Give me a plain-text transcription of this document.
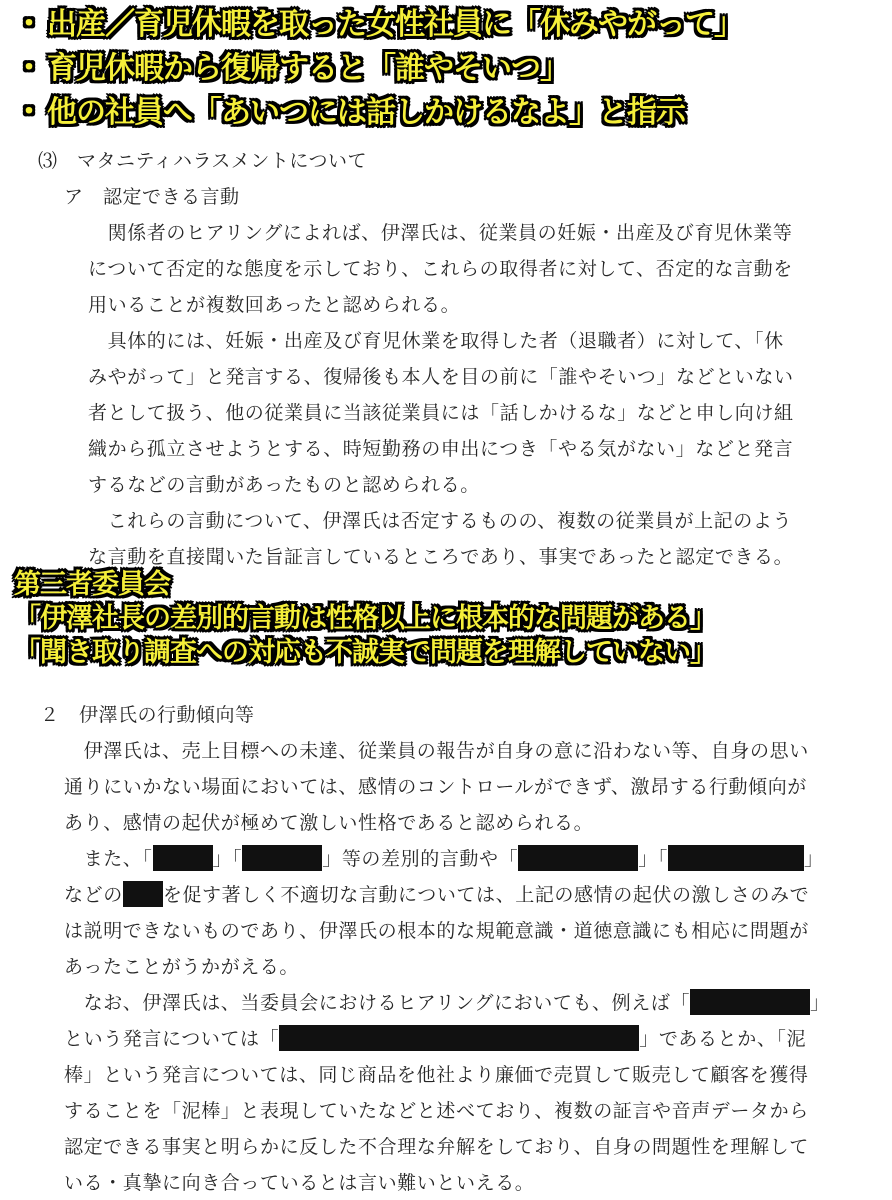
・ 出産／育児休暇を取った女性社員に「休みやがって」
・ 育児休暇から復帰すると「誰やそいつ」
・ 他の社員へ「あいつには話しかけるなよ」と指示
⑶　マタニティハラスメントについて
ア　認定できる言動
　関係者のヒアリングによれば、伊澤氏は、従業員の妊娠・出産及び育児休業等
について否定的な態度を示しており、これらの取得者に対して、否定的な言動を
用いることが複数回あったと認められる。
　具体的には、妊娠・出産及び育児休業を取得した者（退職者）に対して、「休
みやがって」と発言する、復帰後も本人を目の前に「誰やそいつ」などといない
者として扱う、他の従業員に当該従業員には「話しかけるな」などと申し向け組
織から孤立させようとする、時短勤務の申出につき「やる気がない」などと発言
するなどの言動があったものと認められる。
　これらの言動について、伊澤氏は否定するものの、複数の従業員が上記のよう
な言動を直接聞いた旨証言しているところであり、事実であったと認定できる。
第三者委員会
「伊澤社長の差別的言動は性格以上に根本的な問題がある」
「聞き取り調査への対応も不誠実で問題を理解していない」
２　伊澤氏の行動傾向等
　伊澤氏は、売上目標への未達、従業員の報告が自身の意に沿わない等、自身の思い
通りにいかない場面においては、感情のコントロールができず、激昂する行動傾向が
あり、感情の起伏が極めて激しい性格であると認められる。
　また、「	」「	」等の差別的言動や「	」「	」
などの を促す著しく不適切な言動については、上記の感情の起伏の激しさのみで
は説明できないものであり、伊澤氏の根本的な規範意識・道徳意識にも相応に問題が
あったことがうかがえる。
　なお、伊澤氏は、当委員会におけるヒアリングにおいても、例えば「	」
という発言については「	」であるとか、「泥
棒」という発言については、同じ商品を他社より廉価で売買して販売して顧客を獲得
することを「泥棒」と表現していたなどと述べており、複数の証言や音声データから
認定できる事実と明らかに反した不合理な弁解をしており、自身の問題性を理解して
いる・真摯に向き合っているとは言い難いといえる。
